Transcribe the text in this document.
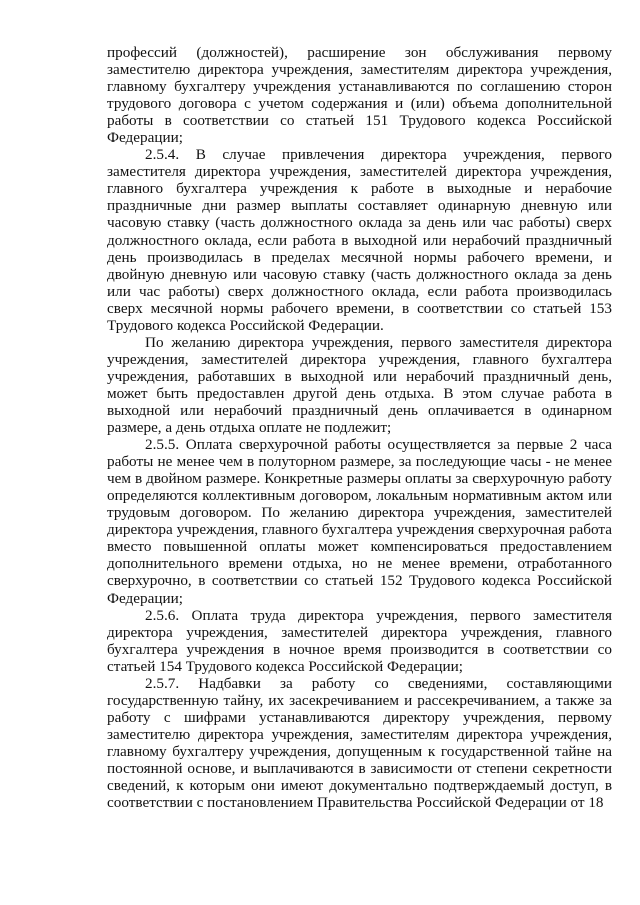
профессий (должностей), расширение зон обслуживания первому заместителю директора учреждения, заместителям директора учреждения, главному бухгалтеру учреждения устанавливаются по соглашению сторон трудового договора с учетом содержания и (или) объема дополнительной работы в соответствии со статьей 151 Трудового кодекса Российской Федерации;

2.5.4. В случае привлечения директора учреждения, первого заместителя директора учреждения, заместителей директора учреждения, главного бухгалтера учреждения к работе в выходные и нерабочие праздничные дни размер выплаты составляет одинарную дневную или часовую ставку (часть должностного оклада за день или час работы) сверх должностного оклада, если работа в выходной или нерабочий праздничный день производилась в пределах месячной нормы рабочего времени, и двойную дневную или часовую ставку (часть должностного оклада за день или час работы) сверх должностного оклада, если работа производилась сверх месячной нормы рабочего времени, в соответствии со статьей 153 Трудового кодекса Российской Федерации.

По желанию директора учреждения, первого заместителя директора учреждения, заместителей директора учреждения, главного бухгалтера учреждения, работавших в выходной или нерабочий праздничный день, может быть предоставлен другой день отдыха. В этом случае работа в выходной или нерабочий праздничный день оплачивается в одинарном размере, а день отдыха оплате не подлежит;

2.5.5. Оплата сверхурочной работы осуществляется за первые 2 часа работы не менее чем в полуторном размере, за последующие часы - не менее чем в двойном размере. Конкретные размеры оплаты за сверхурочную работу определяются коллективным договором, локальным нормативным актом или трудовым договором. По желанию директора учреждения, заместителей директора учреждения, главного бухгалтера учреждения сверхурочная работа вместо повышенной оплаты может компенсироваться предоставлением дополнительного времени отдыха, но не менее времени, отработанного сверхурочно, в соответствии со статьей 152 Трудового кодекса Российской Федерации;

2.5.6. Оплата труда директора учреждения, первого заместителя директора учреждения, заместителей директора учреждения, главного бухгалтера учреждения в ночное время производится в соответствии со статьей 154 Трудового кодекса Российской Федерации;

2.5.7. Надбавки за работу со сведениями, составляющими государственную тайну, их засекречиванием и рассекречиванием, а также за работу с шифрами устанавливаются директору учреждения, первому заместителю директора учреждения, заместителям директора учреждения, главному бухгалтеру учреждения, допущенным к государственной тайне на постоянной основе, и выплачиваются в зависимости от степени секретности сведений, к которым они имеют документально подтверждаемый доступ, в соответствии с постановлением Правительства Российской Федерации от 18
